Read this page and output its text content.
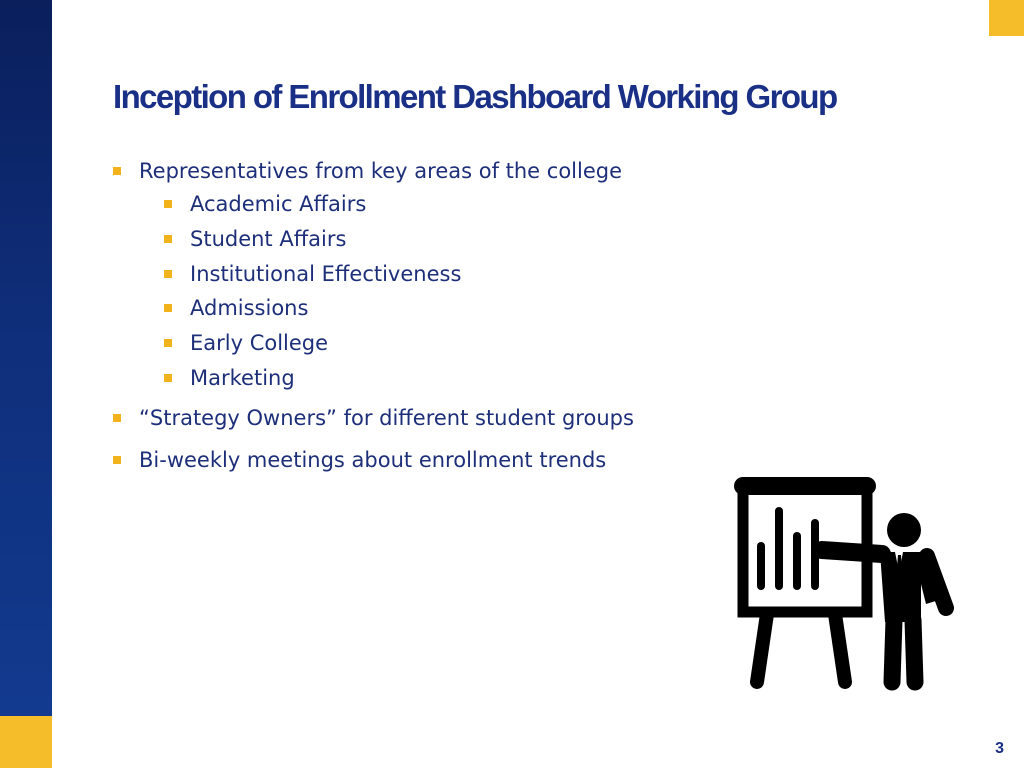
Inception of Enrollment Dashboard Working Group
Representatives from key areas of the college
Academic Affairs
Student Affairs
Institutional Effectiveness
Admissions
Early College
Marketing
“Strategy Owners” for different student groups
Bi-weekly meetings about enrollment trends
3
